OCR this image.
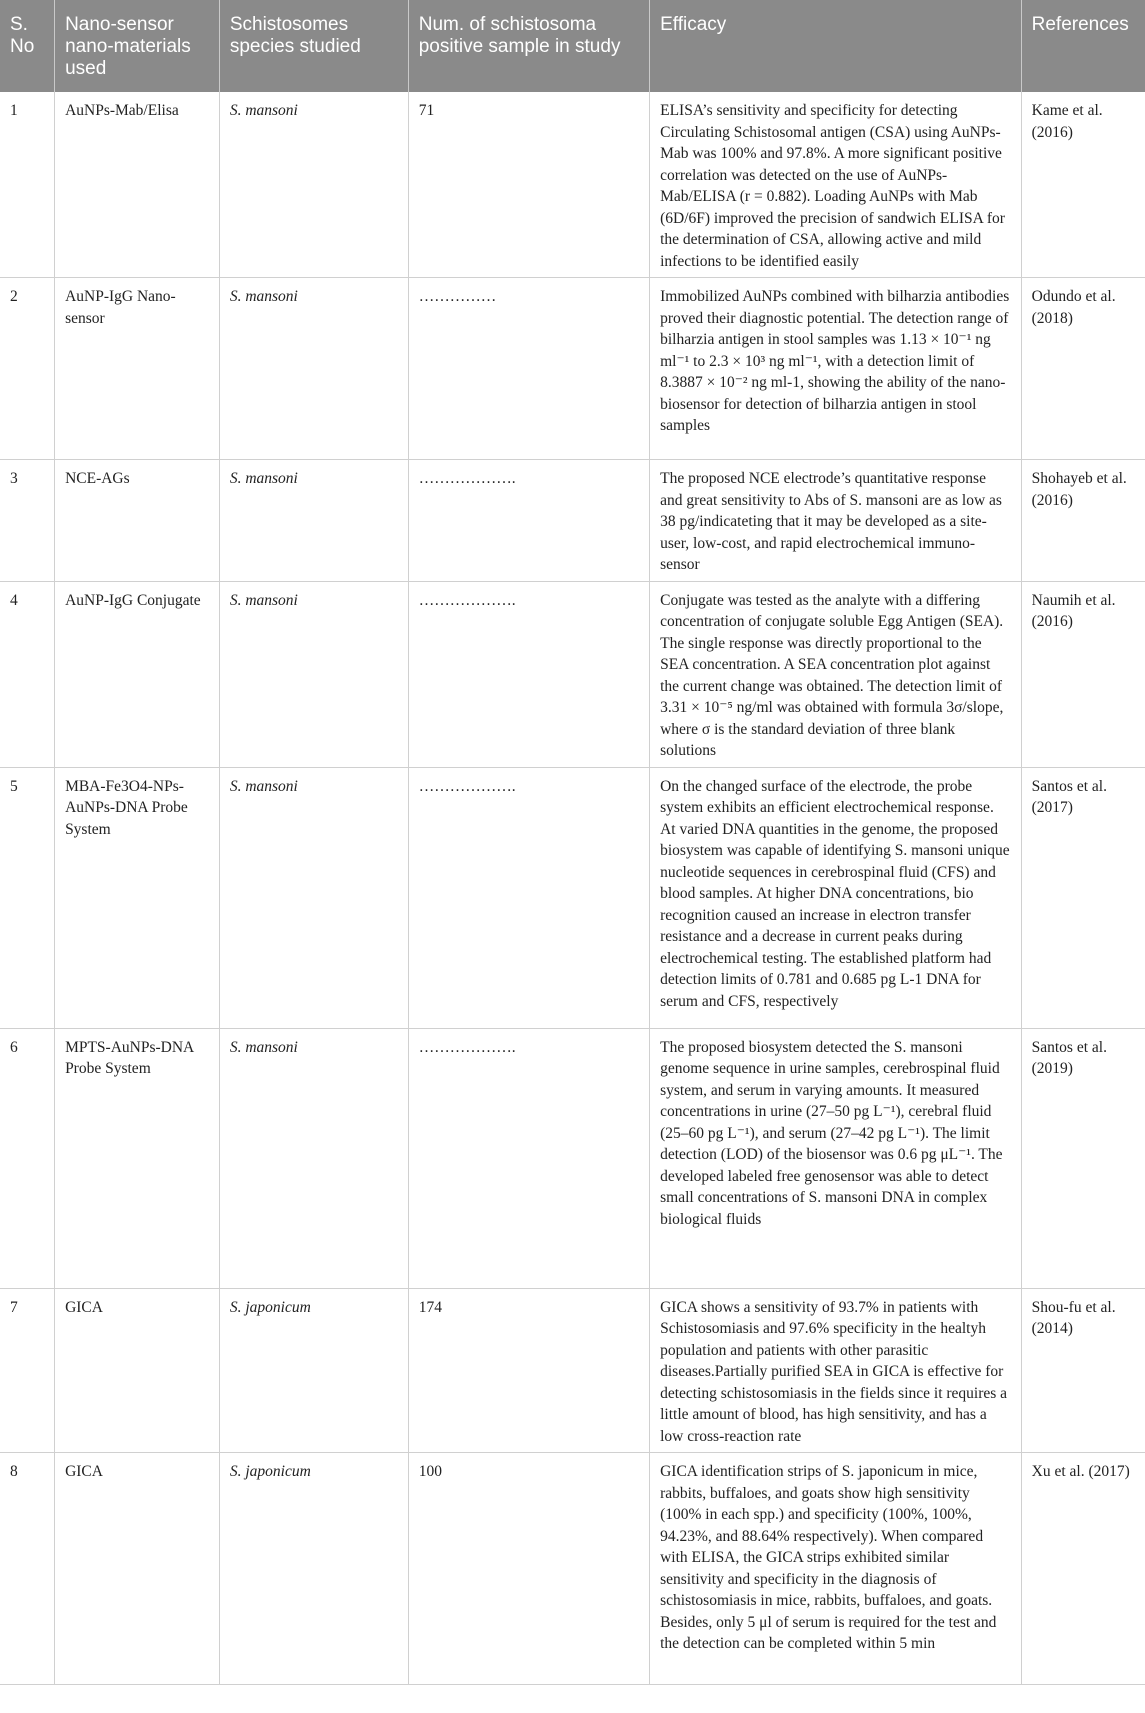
S. No	Nano-sensor nano-materials used	Schistosomes species studied	Num. of schistosoma positive sample in study	Efficacy	References
1	AuNPs-Mab/Elisa	S. mansoni	71	ELISA’s sensitivity and specificity for detecting Circulating Schistosomal antigen (CSA) using AuNPs-Mab was 100% and 97.8%. A more significant positive correlation was detected on the use of AuNPs-Mab/ELISA (r = 0.882). Loading AuNPs with Mab (6D/6F) improved the precision of sandwich ELISA for the determination of CSA, allowing active and mild infections to be identified easily	Kame et al. (2016)
2	AuNP-IgG Nano-sensor	S. mansoni	……………	Immobilized AuNPs combined with bilharzia antibodies proved their diagnostic potential. The detection range of bilharzia antigen in stool samples was 1.13 × 10⁻¹ ng ml⁻¹ to 2.3 × 10³ ng ml⁻¹, with a detection limit of 8.3887 × 10⁻² ng ml-1, showing the ability of the nano-biosensor for detection of bilharzia antigen in stool samples	Odundo et al. (2018)
3	NCE-AGs	S. mansoni	……………….	The proposed NCE electrode’s quantitative response and great sensitivity to Abs of S. mansoni are as low as 38 pg/indicateting that it may be developed as a site-user, low-cost, and rapid electrochemical immuno-sensor	Shohayeb et al. (2016)
4	AuNP-IgG Conjugate	S. mansoni	……………….	Conjugate was tested as the analyte with a differing concentration of conjugate soluble Egg Antigen (SEA). The single response was directly proportional to the SEA concentration. A SEA concentration plot against the current change was obtained. The detection limit of 3.31 × 10⁻⁵ ng/ml was obtained with formula 3σ/slope, where σ is the standard deviation of three blank solutions	Naumih et al. (2016)
5	MBA-Fe3O4-NPs-AuNPs-DNA Probe System	S. mansoni	……………….	On the changed surface of the electrode, the probe system exhibits an efficient electrochemical response. At varied DNA quantities in the genome, the proposed biosystem was capable of identifying S. mansoni unique nucleotide sequences in cerebrospinal fluid (CFS) and blood samples. At higher DNA concentrations, bio recognition caused an increase in electron transfer resistance and a decrease in current peaks during electrochemical testing. The established platform had detection limits of 0.781 and 0.685 pg L-1 DNA for serum and CFS, respectively	Santos et al. (2017)
6	MPTS-AuNPs-DNA Probe System	S. mansoni	……………….	The proposed biosystem detected the S. mansoni genome sequence in urine samples, cerebrospinal fluid system, and serum in varying amounts. It measured concentrations in urine (27–50 pg L⁻¹), cerebral fluid (25–60 pg L⁻¹), and serum (27–42 pg L⁻¹). The limit detection (LOD) of the biosensor was 0.6 pg μL⁻¹. The developed labeled free genosensor was able to detect small concentrations of S. mansoni DNA in complex biological fluids	Santos et al. (2019)
7	GICA	S. japonicum	174	GICA shows a sensitivity of 93.7% in patients with Schistosomiasis and 97.6% specificity in the healtyh population and patients with other parasitic diseases.Partially purified SEA in GICA is effective for detecting schistosomiasis in the fields since it requires a little amount of blood, has high sensitivity, and has a low cross-reaction rate	Shou-fu et al. (2014)
8	GICA	S. japonicum	100	GICA identification strips of S. japonicum in mice, rabbits, buffaloes, and goats show high sensitivity (100% in each spp.) and specificity (100%, 100%, 94.23%, and 88.64% respectively). When compared with ELISA, the GICA strips exhibited similar sensitivity and specificity in the diagnosis of schistosomiasis in mice, rabbits, buffaloes, and goats. Besides, only 5 μl of serum is required for the test and the detection can be completed within 5 min	Xu et al. (2017)
